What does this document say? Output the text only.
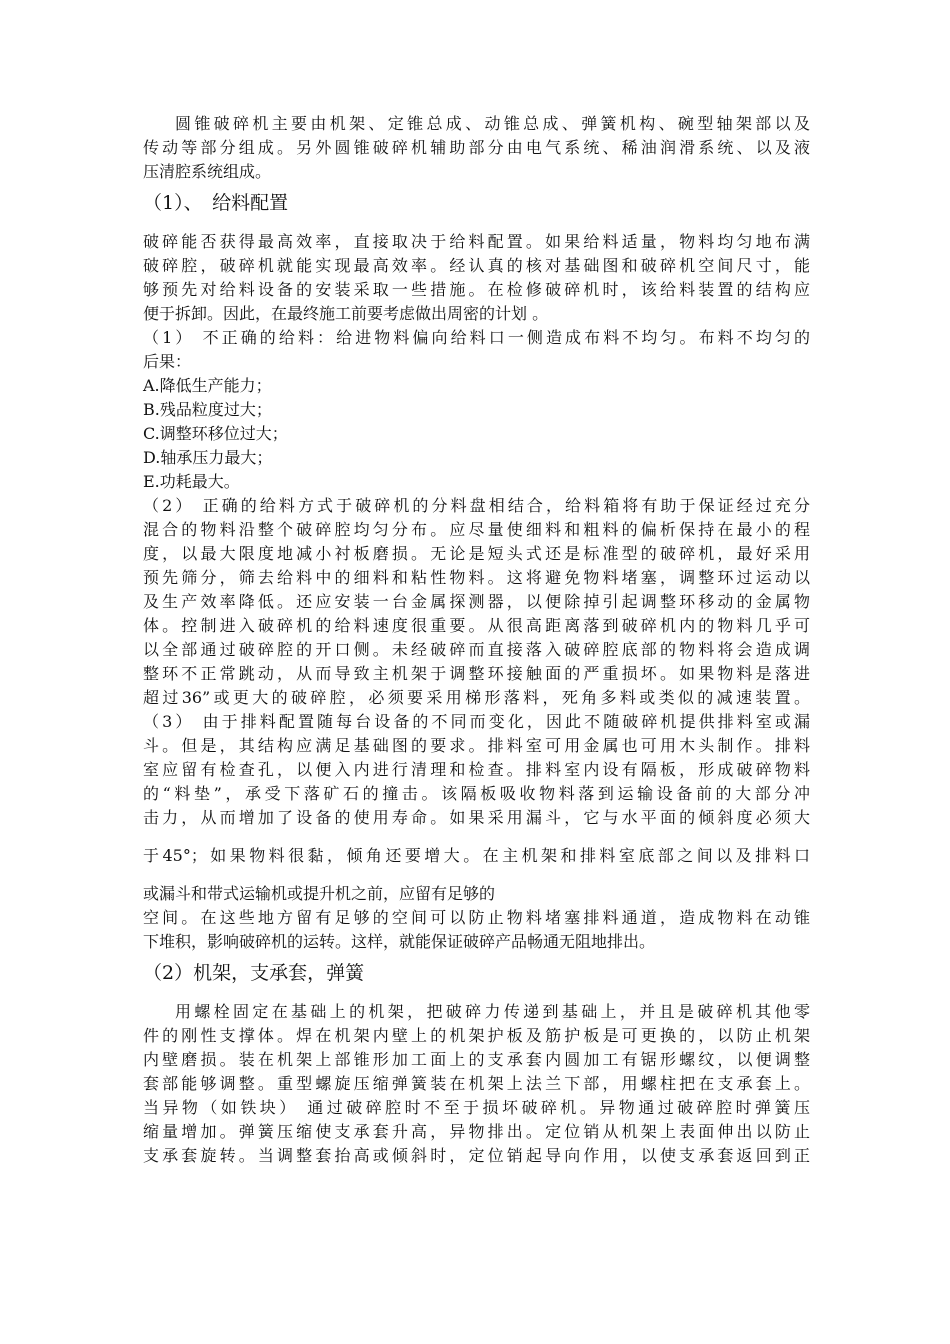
圆锥破碎机主要由机架、定锥总成、动锥总成、弹簧机构、碗型轴架部以及
传动等部分组成。另外圆锥破碎机辅助部分由电气系统、稀油润滑系统、以及液
压清腔系统组成。
（1）、　给料配置
破碎能否获得最高效率，直接取决于给料配置。如果给料适量，物料均匀地布满
破碎腔，破碎机就能实现最高效率。经认真的核对基础图和破碎机空间尺寸，能
够预先对给料设备的安装采取一些措施。在检修破碎机时，该给料装置的结构应
便于拆卸。因此，在最终施工前要考虑做出周密的计划 。
（1） 不正确的给料：给进物料偏向给料口一侧造成布料不均匀。布料不均匀的
后果：
A.降低生产能力；
B.残品粒度过大；
C.调整环移位过大；
D.轴承压力最大；
E.功耗最大。
（2） 正确的给料方式于破碎机的分料盘相结合，给料箱将有助于保证经过充分
混合的物料沿整个破碎腔均匀分布。应尽量使细料和粗料的偏析保持在最小的程
度，以最大限度地减小衬板磨损。无论是短头式还是标准型的破碎机，最好采用
预先筛分，筛去给料中的细料和粘性物料。这将避免物料堵塞，调整环过运动以
及生产效率降低。还应安装一台金属探测器，以便除掉引起调整环移动的金属物
体。控制进入破碎机的给料速度很重要。从很高距离落到破碎机内的物料几乎可
以全部通过破碎腔的开口侧。未经破碎而直接落入破碎腔底部的物料将会造成调
整环不正常跳动，从而导致主机架于调整环接触面的严重损坏。如果物料是落进
超过36”或更大的破碎腔，必须要采用梯形落料，死角多料或类似的减速装置。
（3） 由于排料配置随每台设备的不同而变化，因此不随破碎机提供排料室或漏
斗。但是，其结构应满足基础图的要求。排料室可用金属也可用木头制作。排料
室应留有检查孔，以便入内进行清理和检查。排料室内设有隔板，形成破碎物料
的“料垫”，承受下落矿石的撞击。该隔板吸收物料落到运输设备前的大部分冲
击力，从而增加了设备的使用寿命。如果采用漏斗，它与水平面的倾斜度必须大
于45°；如果物料很黏，倾角还要增大。在主机架和排料室底部之间以及排料口
或漏斗和带式运输机或提升机之前，应留有足够的
空间。在这些地方留有足够的空间可以防止物料堵塞排料通道，造成物料在动锥
下堆积，影响破碎机的运转。这样，就能保证破碎产品畅通无阻地排出。
（2）机架，支承套，弹簧
用螺栓固定在基础上的机架，把破碎力传递到基础上，并且是破碎机其他零
件的刚性支撑体。焊在机架内壁上的机架护板及筋护板是可更换的，以防止机架
内壁磨损。装在机架上部锥形加工面上的支承套内圆加工有锯形螺纹，以便调整
套部能够调整。重型螺旋压缩弹簧装在机架上法兰下部，用螺柱把在支承套上。
当异物（如铁块） 通过破碎腔时不至于损坏破碎机。异物通过破碎腔时弹簧压
缩量增加。弹簧压缩使支承套升高，异物排出。定位销从机架上表面伸出以防止
支承套旋转。当调整套抬高或倾斜时，定位销起导向作用，以使支承套返回到正
